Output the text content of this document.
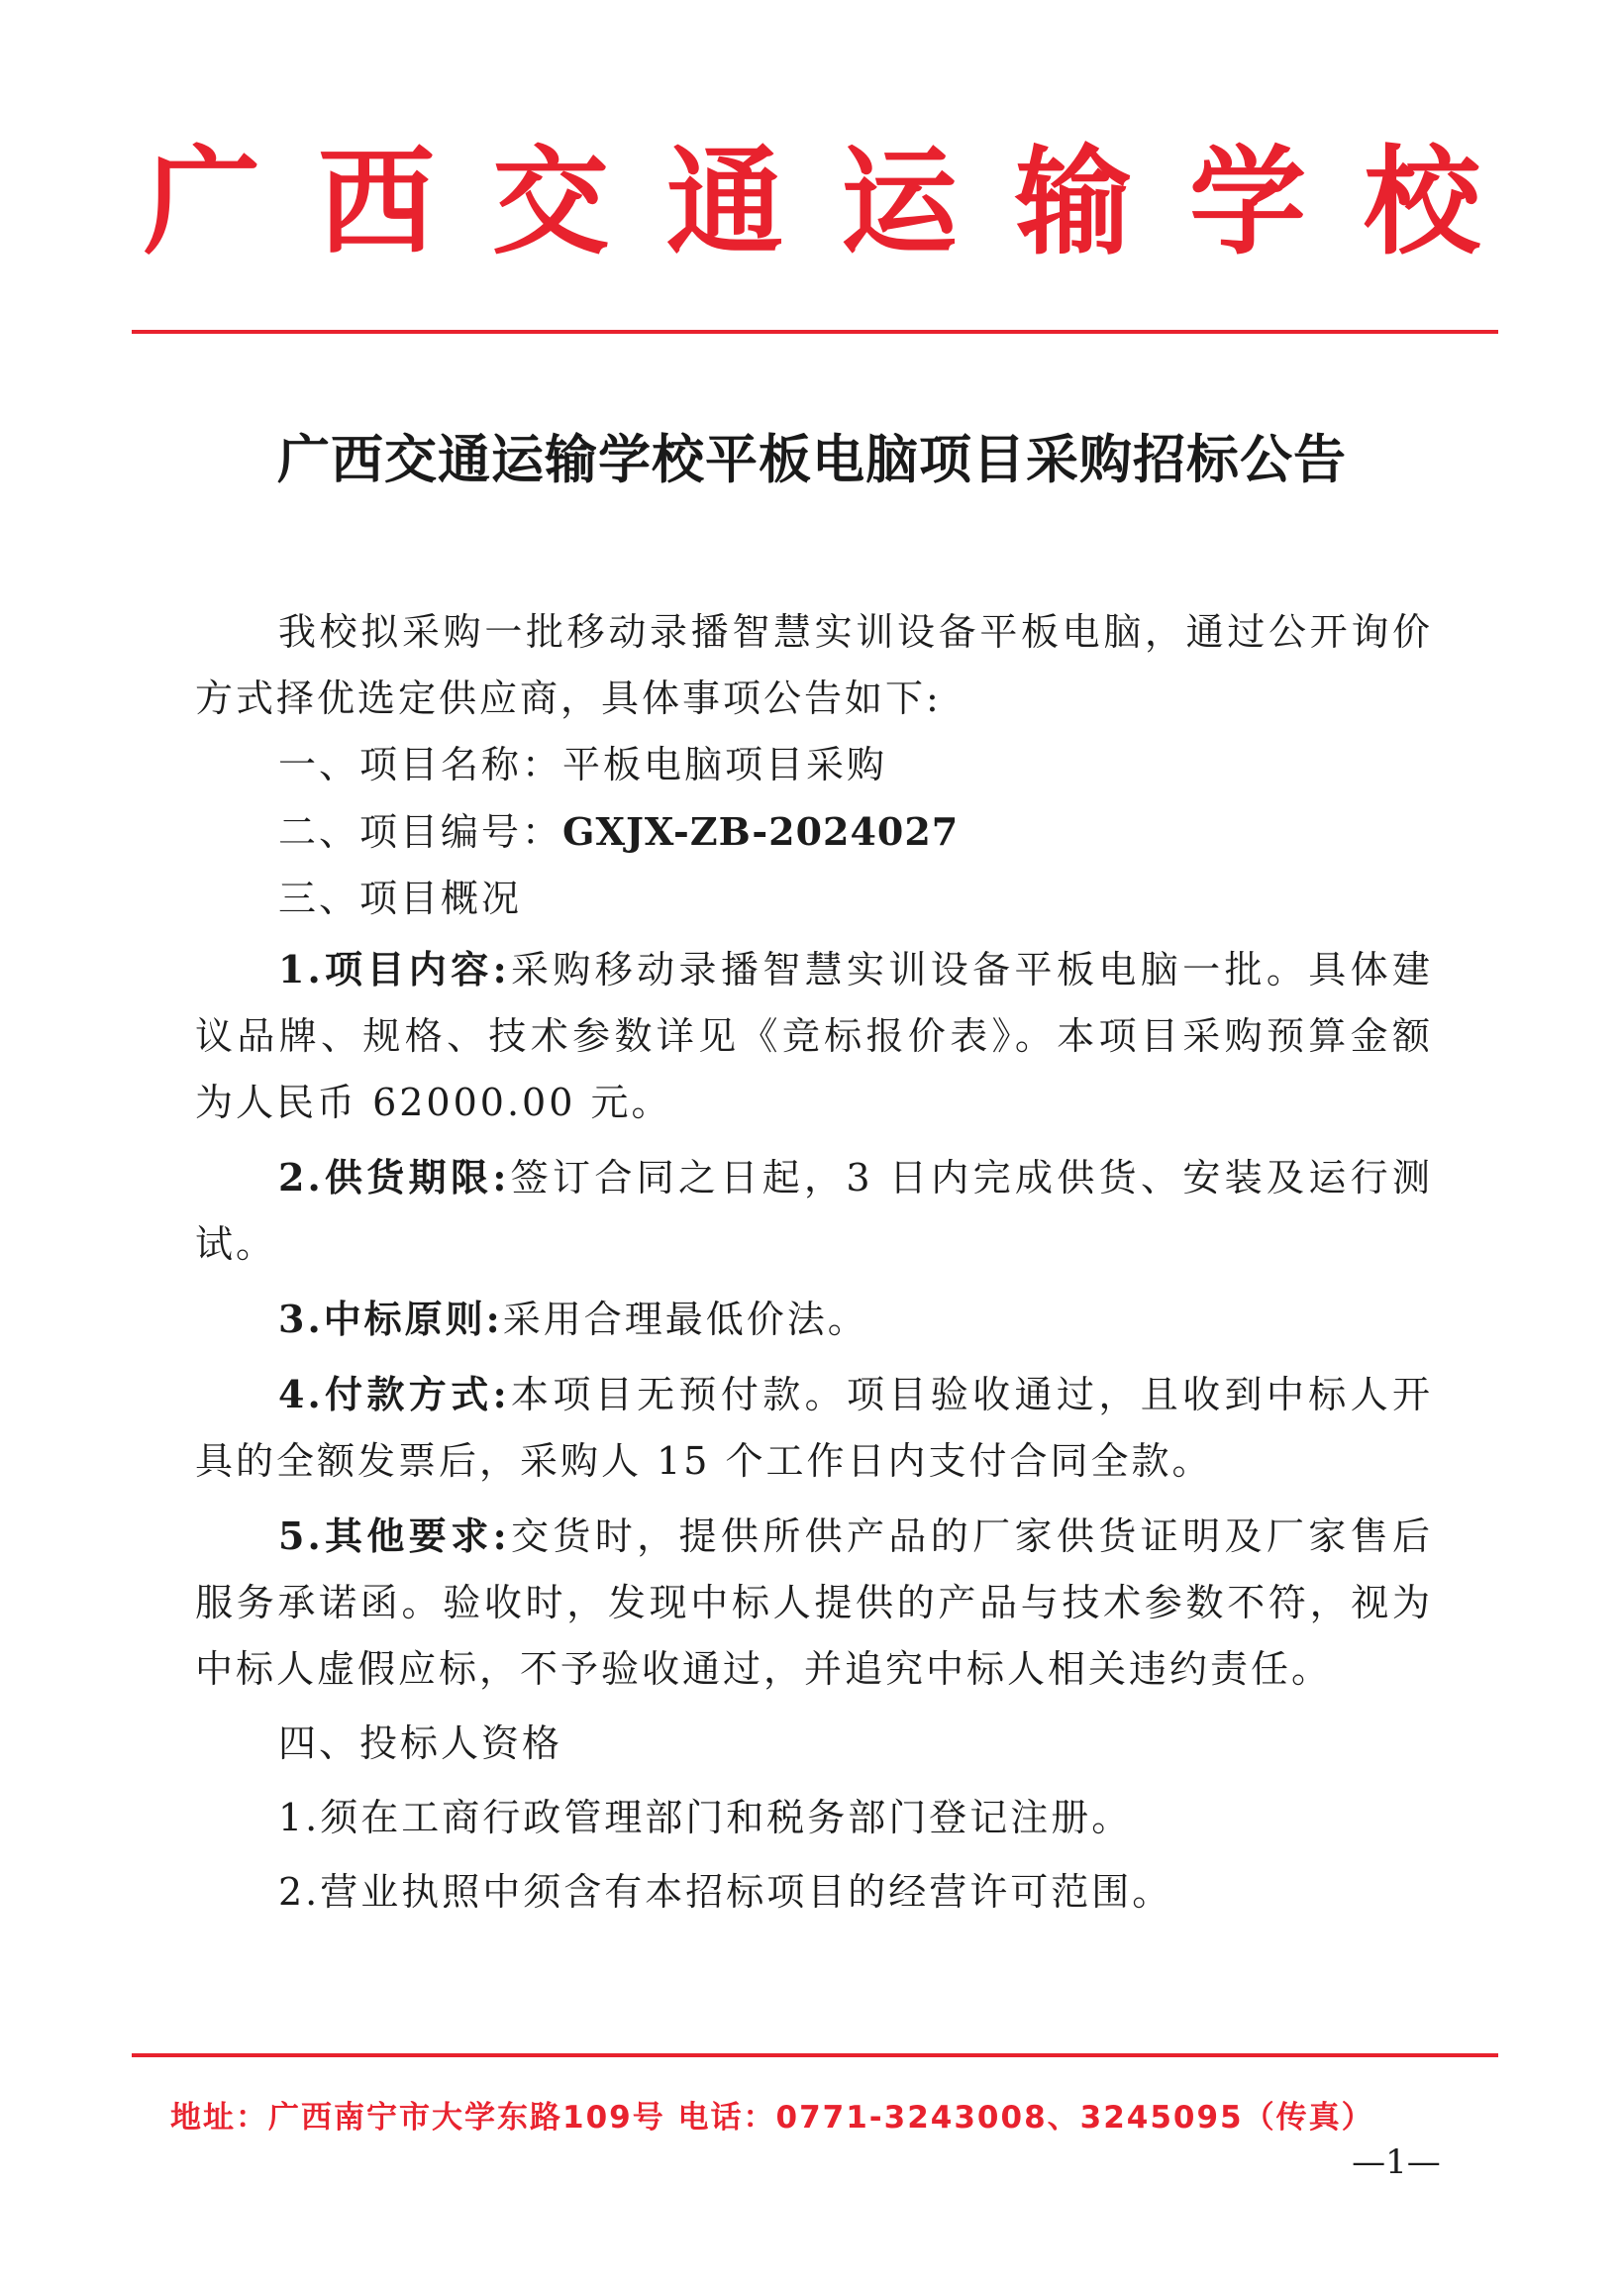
广西交通运输学校
广西交通运输学校平板电脑项目采购招标公告

我校拟采购一批移动录播智慧实训设备平板电脑，通过公开询价方式择优选定供应商，具体事项公告如下:

一、项目名称：平板电脑项目采购

二、项目编号：GXJX-ZB-2024027

三、项目概况

1.项目内容:采购移动录播智慧实训设备平板电脑一批。具体建议品牌、规格、技术参数详见《竞标报价表》。本项目采购预算金额为人民币 62000.00 元。

2.供货期限:签订合同之日起，3 日内完成供货、安装及运行测试。

3.中标原则:采用合理最低价法。

4.付款方式:本项目无预付款。项目验收通过，且收到中标人开具的全额发票后，采购人 15 个工作日内支付合同全款。

5.其他要求:交货时，提供所供产品的厂家供货证明及厂家售后服务承诺函。验收时，发现中标人提供的产品与技术参数不符，视为中标人虚假应标，不予验收通过，并追究中标人相关违约责任。

四、投标人资格

1.须在工商行政管理部门和税务部门登记注册。

2.营业执照中须含有本招标项目的经营许可范围。

地址：广西南宁市大学东路109号 电话：0771-3243008、3245095（传真）
—1—
